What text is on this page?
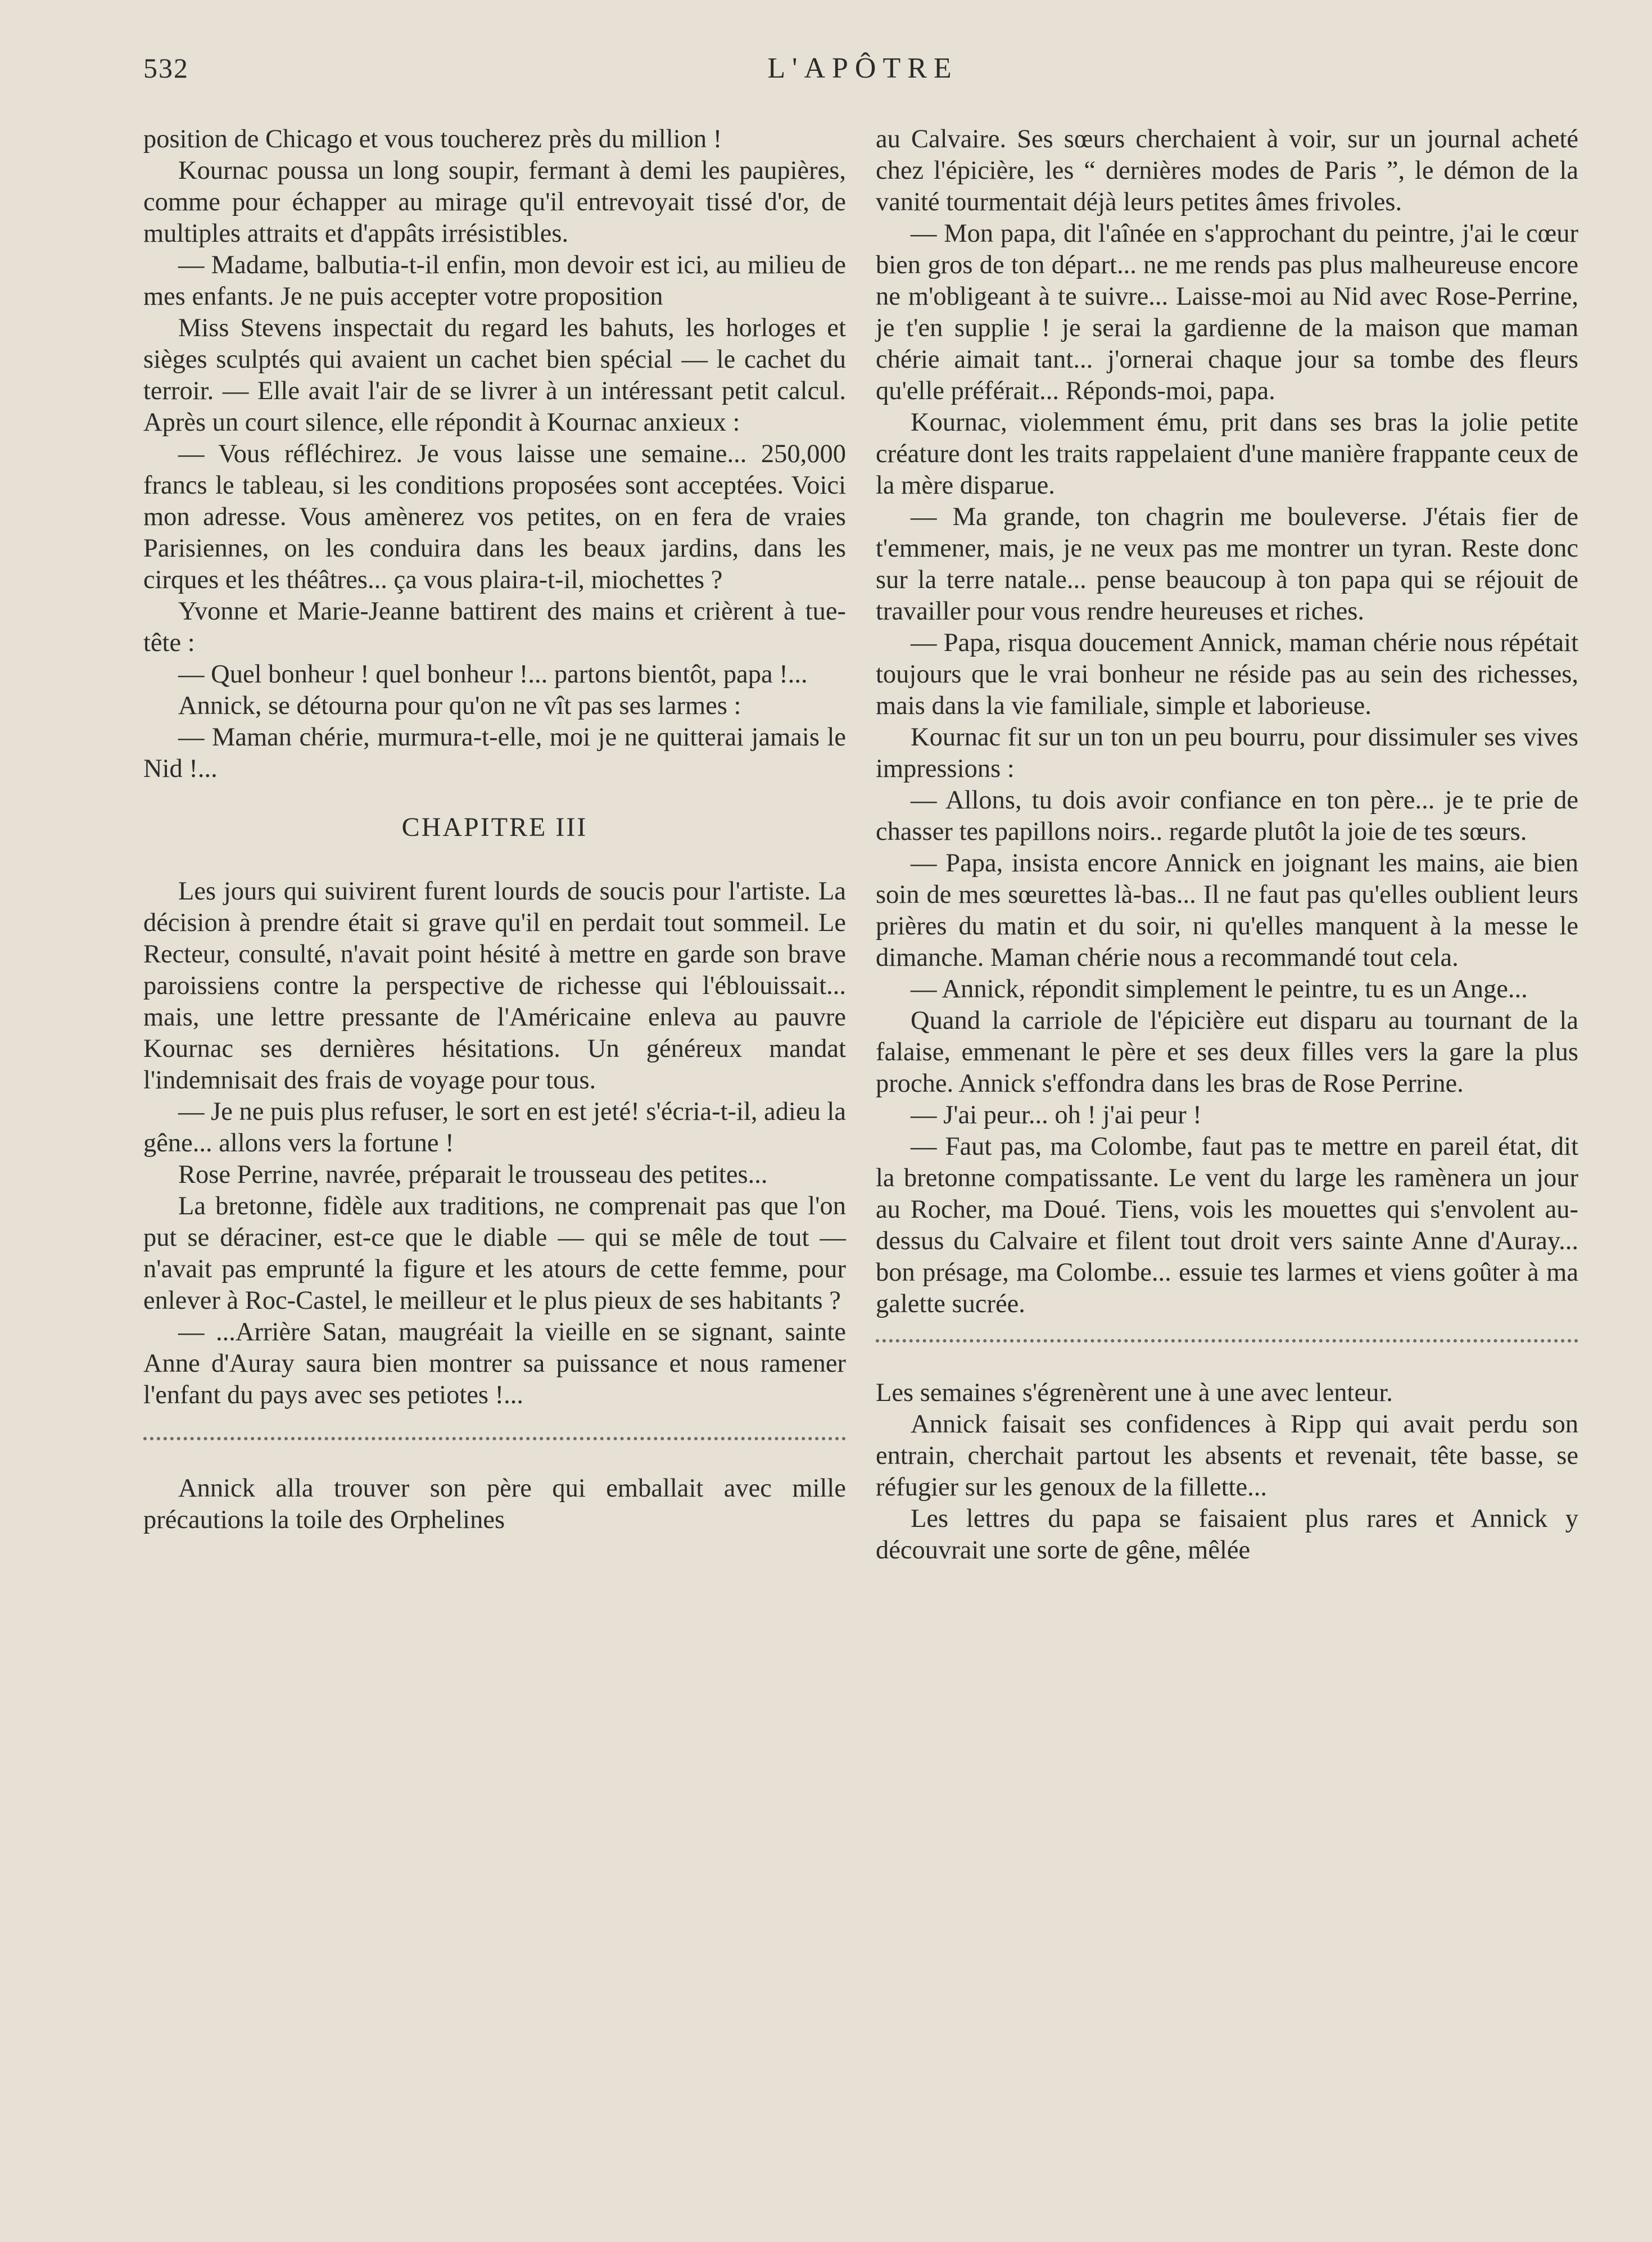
532	L'APÔTRE

position de Chicago et vous toucherez près du million !

Kournac poussa un long soupir, fermant à demi les paupières, comme pour échapper au mirage qu'il entrevoyait tissé d'or, de multiples attraits et d'appâts irrésistibles.

— Madame, balbutia-t-il enfin, mon devoir est ici, au milieu de mes enfants. Je ne puis accepter votre proposition

Miss Stevens inspectait du regard les bahuts, les horloges et sièges sculptés qui avaient un cachet bien spécial — le cachet du terroir. — Elle avait l'air de se livrer à un intéressant petit calcul. Après un court silence, elle répondit à Kournac anxieux :

— Vous réfléchirez. Je vous laisse une semaine... 250,000 francs le tableau, si les conditions proposées sont acceptées. Voici mon adresse. Vous amènerez vos petites, on en fera de vraies Parisiennes, on les conduira dans les beaux jardins, dans les cirques et les théâtres... ça vous plaira-t-il, miochettes ?

Yvonne et Marie-Jeanne battirent des mains et crièrent à tue-tête :

— Quel bonheur ! quel bonheur !... partons bientôt, papa !...

Annick, se détourna pour qu'on ne vît pas ses larmes :

— Maman chérie, murmura-t-elle, moi je ne quitterai jamais le Nid !...

CHAPITRE III

Les jours qui suivirent furent lourds de soucis pour l'artiste. La décision à prendre était si grave qu'il en perdait tout sommeil. Le Recteur, consulté, n'avait point hésité à mettre en garde son brave paroissiens contre la perspective de richesse qui l'éblouissait... mais, une lettre pressante de l'Américaine enleva au pauvre Kournac ses dernières hésitations. Un généreux mandat l'indemnisait des frais de voyage pour tous.

— Je ne puis plus refuser, le sort en est jeté! s'écria-t-il, adieu la gêne... allons vers la fortune !

Rose Perrine, navrée, préparait le trousseau des petites...

La bretonne, fidèle aux traditions, ne comprenait pas que l'on put se déraciner, est-ce que le diable — qui se mêle de tout — n'avait pas emprunté la figure et les atours de cette femme, pour enlever à Roc-Castel, le meilleur et le plus pieux de ses habitants ?

— ...Arrière Satan, maugréait la vieille en se signant, sainte Anne d'Auray saura bien montrer sa puissance et nous ramener l'enfant du pays avec ses petiotes !...

Annick alla trouver son père qui emballait avec mille précautions la toile des Orphelines

au Calvaire. Ses sœurs cherchaient à voir, sur un journal acheté chez l'épicière, les “ dernières modes de Paris ”, le démon de la vanité tourmentait déjà leurs petites âmes frivoles.

— Mon papa, dit l'aînée en s'approchant du peintre, j'ai le cœur bien gros de ton départ... ne me rends pas plus malheureuse encore ne m'obligeant à te suivre... Laisse-moi au Nid avec Rose-Perrine, je t'en supplie ! je serai la gardienne de la maison que maman chérie aimait tant... j'ornerai chaque jour sa tombe des fleurs qu'elle préférait... Réponds-moi, papa.

Kournac, violemment ému, prit dans ses bras la jolie petite créature dont les traits rappelaient d'une manière frappante ceux de la mère disparue.

— Ma grande, ton chagrin me bouleverse. J'étais fier de t'emmener, mais, je ne veux pas me montrer un tyran. Reste donc sur la terre natale... pense beaucoup à ton papa qui se réjouit de travailler pour vous rendre heureuses et riches.

— Papa, risqua doucement Annick, maman chérie nous répétait toujours que le vrai bonheur ne réside pas au sein des richesses, mais dans la vie familiale, simple et laborieuse.

Kournac fit sur un ton un peu bourru, pour dissimuler ses vives impressions :

— Allons, tu dois avoir confiance en ton père... je te prie de chasser tes papillons noirs.. regarde plutôt la joie de tes sœurs.

— Papa, insista encore Annick en joignant les mains, aie bien soin de mes sœurettes là-bas... Il ne faut pas qu'elles oublient leurs prières du matin et du soir, ni qu'elles manquent à la messe le dimanche. Maman chérie nous a recommandé tout cela.

— Annick, répondit simplement le peintre, tu es un Ange...

Quand la carriole de l'épicière eut disparu au tournant de la falaise, emmenant le père et ses deux filles vers la gare la plus proche. Annick s'effondra dans les bras de Rose Perrine.

— J'ai peur... oh ! j'ai peur !

— Faut pas, ma Colombe, faut pas te mettre en pareil état, dit la bretonne compatissante. Le vent du large les ramènera un jour au Rocher, ma Doué. Tiens, vois les mouettes qui s'envolent au-dessus du Calvaire et filent tout droit vers sainte Anne d'Auray... bon présage, ma Colombe... essuie tes larmes et viens goûter à ma galette sucrée.

Les semaines s'égrenèrent une à une avec lenteur.

Annick faisait ses confidences à Ripp qui avait perdu son entrain, cherchait partout les absents et revenait, tête basse, se réfugier sur les genoux de la fillette...

Les lettres du papa se faisaient plus rares et Annick y découvrait une sorte de gêne, mêlée
